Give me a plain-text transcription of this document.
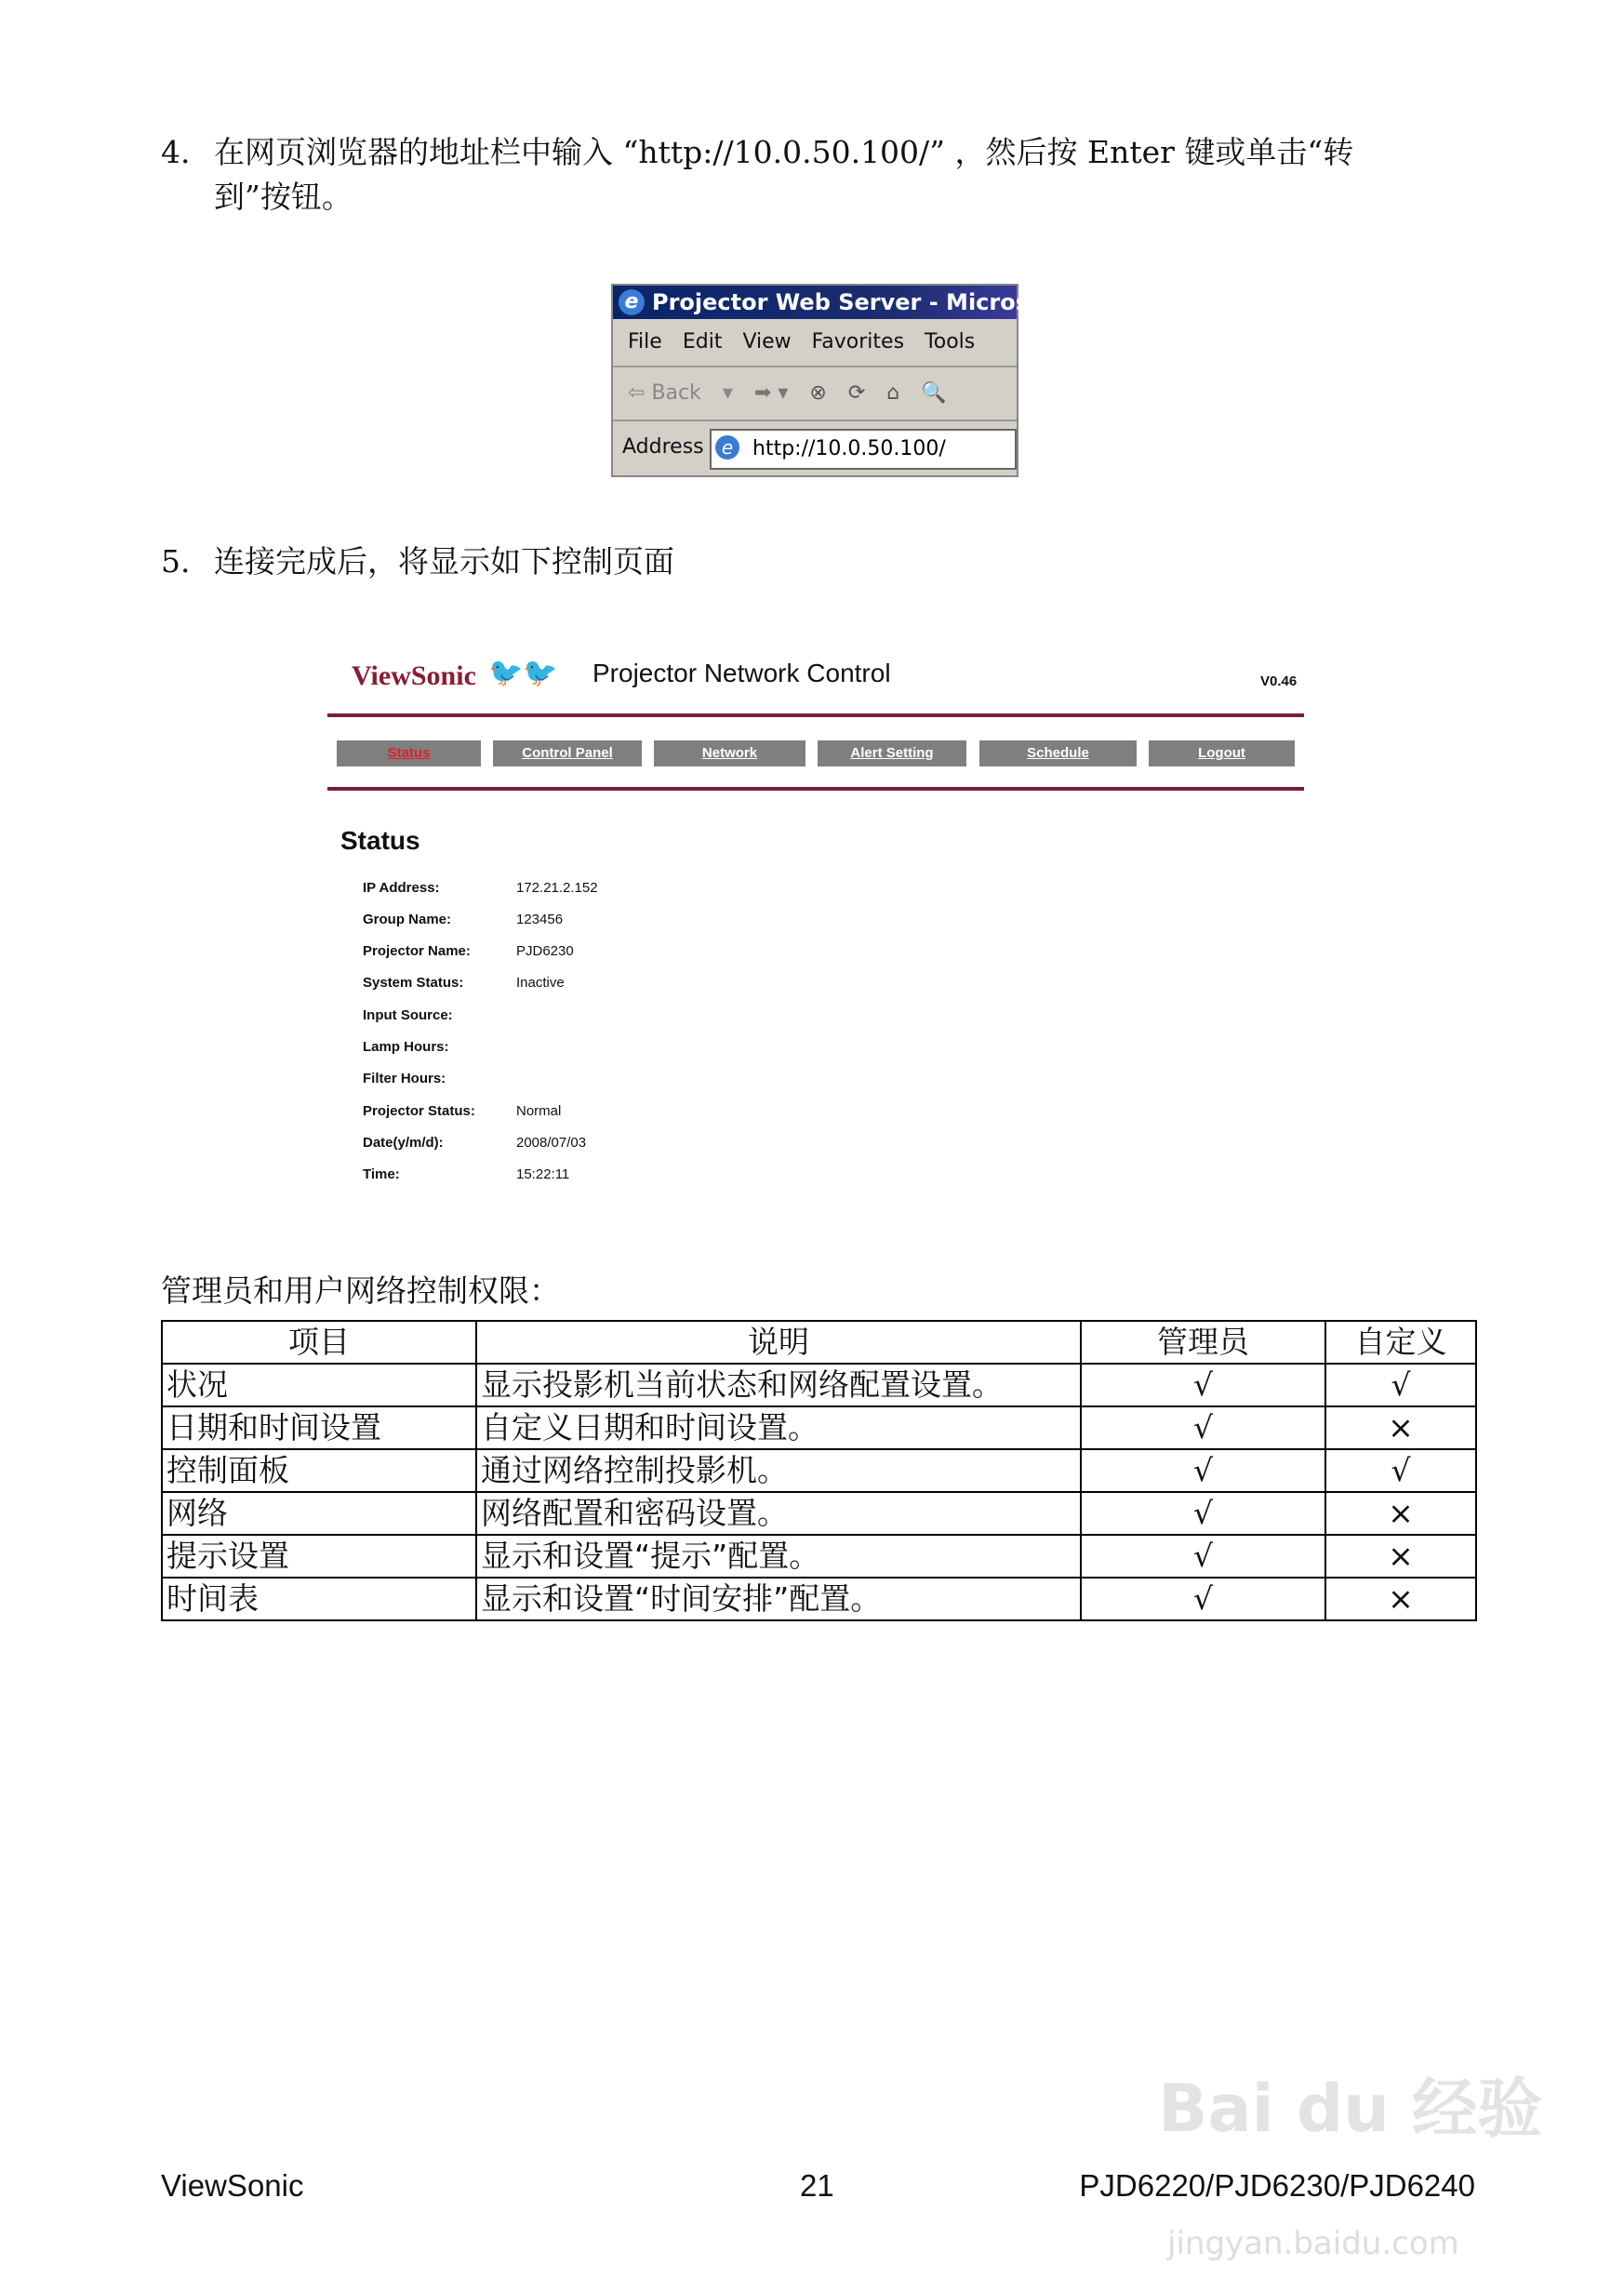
4. 在网页浏览器的地址栏中输入 “http://10.0.50.100/” ，然后按 Enter 键或单击“转
到”按钮。
e Projector Web Server - Microsoft
File Edit View Favorites Tools
⇦ Back ▾ ➡ ▾ ⊗ ⟳ ⌂ 🔍
Address e http://10.0.50.100/
5. 连接完成后，将显示如下控制页面
ViewSonic 🐦🐦 Projector Network Control	V0.46
Status	Control Panel	Network	Alert Setting	Schedule	Logout
Status
IP Address:	172.21.2.152
Group Name:	123456
Projector Name:	PJD6230
System Status:	Inactive
Input Source:
Lamp Hours:
Filter Hours:
Projector Status:	Normal
Date(y/m/d):	2008/07/03
Time:	15:22:11
管理员和用户网络控制权限：
项目	说明	管理员	自定义
状况	显示投影机当前状态和网络配置设置。	√	√
日期和时间设置	自定义日期和时间设置。	√	×
控制面板	通过网络控制投影机。	√	√
网络	网络配置和密码设置。	√	×
提示设置	显示和设置“提示”配置。	√	×
时间表	显示和设置“时间安排”配置。	√	×
Bai du 经验
jingyan.baidu.com
ViewSonic	21	PJD6220/PJD6230/PJD6240
